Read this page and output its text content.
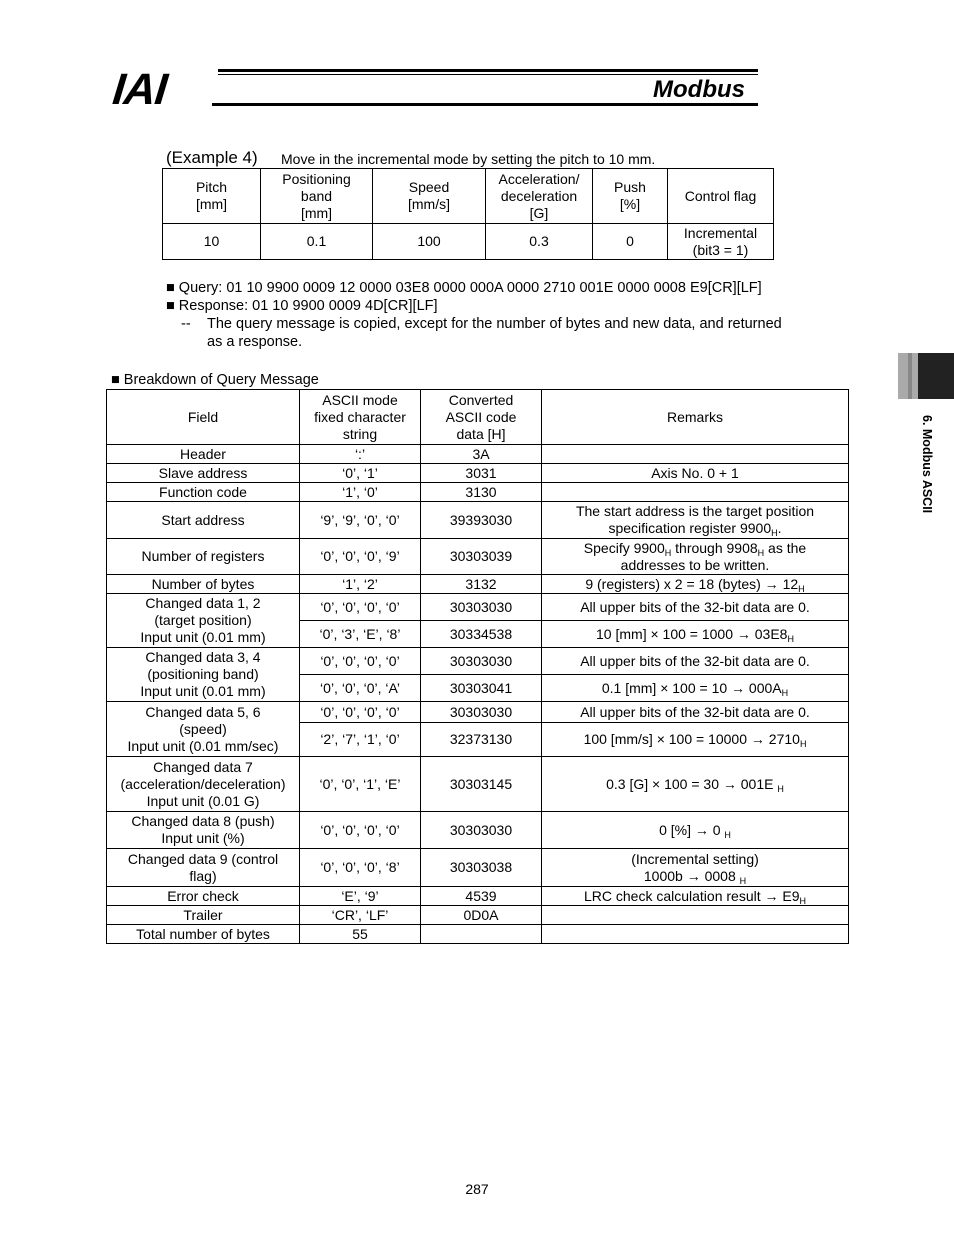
IAI	Modbus
6. Modbus ASCII
(Example 4) Move in the incremental mode by setting the pitch to 10 mm.
Pitch
[mm]	Positioning
band
[mm]	Speed
[mm/s]	Acceleration/
deceleration
[G]	Push
[%]	Control flag
10	0.1	100	0.3	0	Incremental
(bit3 = 1)
■ Query: 01 10 9900 0009 12 0000 03E8 0000 000A 0000 2710 001E 0000 0008 E9[CR][LF]
■ Response: 01 10 9900 0009 4D[CR][LF]
-- The query message is copied, except for the number of bytes and new data, and returned
as a response.
■ Breakdown of Query Message
Field	ASCII mode
fixed character
string	Converted
ASCII code
data [H]	Remarks
Header	‘:’	3A	
Slave address	‘0’, ‘1’	3031	Axis No. 0 + 1
Function code	‘1’, ‘0’	3130	
Start address	‘9’, ‘9’, ‘0’, ‘0’	39393030	The start address is the target position
specification register $9900_H$.
Number of registers	‘0’, ‘0’, ‘0’, ‘9’	30303039	Specify $9900_H$ through $9908_H$ as the
addresses to be written.
Number of bytes	‘1’, ‘2’	3132	9 (registers) x 2 = 18 (bytes) → $12_H$
Changed data 1, 2
(target position)
Input unit (0.01 mm)	‘0’, ‘0’, ‘0’, ‘0’	30303030	All upper bits of the 32-bit data are 0.
	‘0’, ‘3’, ‘E’, ‘8’	30334538	10 $[mm] \times 100 = 1000 \to 03E8_H$
Changed data 3, 4
(positioning band)
Input unit (0.01 mm)	‘0’, ‘0’, ‘0’, ‘0’	30303030	All upper bits of the 32-bit data are 0.
	‘0’, ‘0’, ‘0’, ‘A’	30303041	0.1 $[mm] \times 100 = 10 \to 000A_H$
Changed data 5, 6
(speed)
Input unit (0.01 mm/sec)	‘0’, ‘0’, ‘0’, ‘0’	30303030	All upper bits of the 32-bit data are 0.
	‘2’, ‘7’, ‘1’, ‘0’	32373130	100 $[mm/s] \times 100 = 10000 \to 2710_H$
Changed data 7
(acceleration/deceleration)
Input unit (0.01 G)	‘0’, ‘0’, ‘1’, ‘E’	30303145	0.3 [G] × 100 = 30 → 001E $_H$
Changed data 8 (push)
Input unit (%)	‘0’, ‘0’, ‘0’, ‘0’	30303030	0 [%] → 0 $_H$
Changed data 9 (control
flag)	‘0’, ‘0’, ‘0’, ‘8’	30303038	(Incremental setting)
1000b → 0008 $_H$
Error check	‘E’, ‘9’	4539	LRC check calculation result → $E9_H$
Trailer	‘CR’, ‘LF’	0D0A	
Total number of bytes	55		
287
